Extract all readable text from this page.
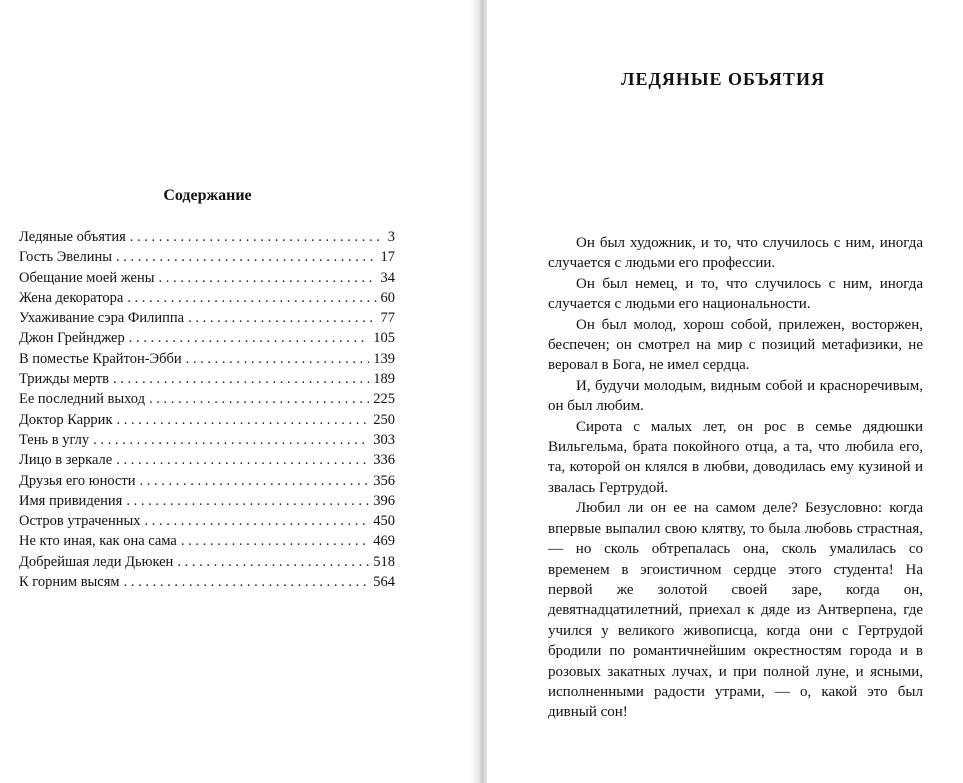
Содержание
Ледяные объятия . . .	3
Гость Эвелины . . .	17
Обещание моей жены . . .	34
Жена декоратора . . .	60
Ухаживание сэра Филиппа . . .	77
Джон Грейнджер . . .	105
В поместье Крайтон-Эбби . . .	139
Трижды мертв . . .	189
Ее последний выход . . .	225
Доктор Каррик . . .	250
Тень в углу . . .	303
Лицо в зеркале . . .	336
Друзья его юности . . .	356
Имя привидения . . .	396
Остров утраченных . . .	450
Не кто иная, как она сама . . .	469
Добрейшая леди Дьюкен . . .	518
К горним высям . . .	564
ЛЕДЯНЫЕ ОБЪЯТИЯ

Он был художник, и то, что случилось с ним, иногда случается с людьми его профессии.

Он был немец, и то, что случилось с ним, иногда случается с людьми его национальности.

Он был молод, хорош собой, прилежен, восторжен, беспечен; он смотрел на мир с позиций метафизики, не веровал в Бога, не имел сердца.

И, будучи молодым, видным собой и красноречивым, он был любим.

Сирота с малых лет, он рос в семье дядюшки Вильгельма, брата покойного отца, а та, что любила его, та, которой он клялся в любви, доводилась ему кузиной и звалась Гертрудой.

Любил ли он ее на самом деле? Безусловно: когда впервые выпалил свою клятву, то была любовь страстная, — но сколь обтрепалась она, сколь умалилась со временем в эгоистичном сердце этого студента! На первой же золотой своей заре, когда он, девятнадцатилетний, приехал к дяде из Антверпена, где учился у великого живописца, когда они с Гертрудой бродили по романтичнейшим окрестностям города и в розовых закатных лучах, и при полной луне, и ясными, исполненными радости утрами, — о, какой это был дивный сон!
